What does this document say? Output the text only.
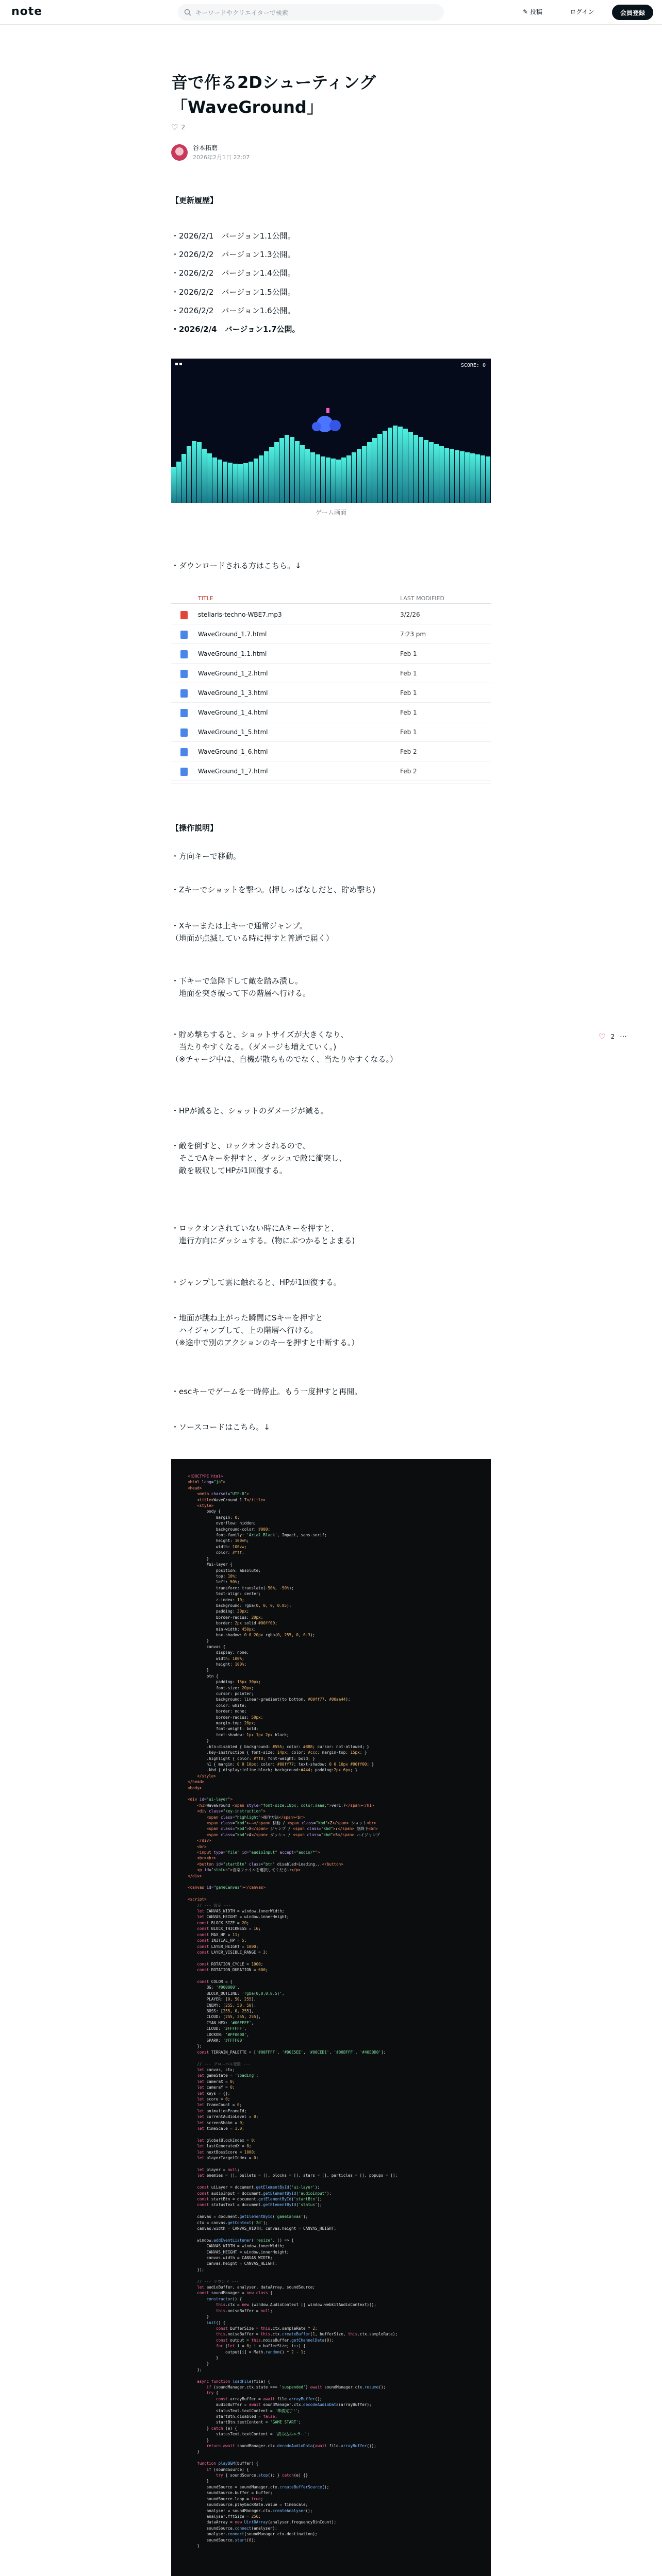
note	キーワードやクリエイターで検索	✎ 投稿	ログイン	会員登録
音で作る2Dシューティング
「WaveGround」
♡ 2
谷本拓磨
2026年2月1日 22:07
【更新履歴】
・2026/2/1　バージョン1.1公開。
・2026/2/2　バージョン1.3公開。
・2026/2/2　バージョン1.4公開。
・2026/2/2　バージョン1.5公開。
・2026/2/2　バージョン1.6公開。
・2026/2/4　バージョン1.7公開。
SCORE: 0
ゲーム画面
・ダウンロードされる方はこちら。↓
TITLE	LAST MODIFIED
stellaris-techno-WBE7.mp3	3/2/26
WaveGround_1.7.html	7:23 pm
WaveGround_1.1.html	Feb 1
WaveGround_1_2.html	Feb 1
WaveGround_1_3.html	Feb 1
WaveGround_1_4.html	Feb 1
WaveGround_1_5.html	Feb 1
WaveGround_1_6.html	Feb 2
WaveGround_1_7.html	Feb 2
【操作説明】
・方向キーで移動。
・Zキーでショットを撃つ。(押しっぱなしだと、貯め撃ち)
・Xキーまたは上キーで通常ジャンプ。
（地面が点滅している時に押すと普通で届く）
・下キーで急降下して敵を踏み潰し。
　地面を突き破って下の階層へ行ける。
・貯め撃ちすると、ショットサイズが大きくなり、
　当たりやすくなる。（ダメージも増えていく。)
（※チャージ中は、自機が散らものでなく、当たりやすくなる。）
・HPが減ると、ショットのダメージが減る。
・敵を倒すと、ロックオンされるので、
　そこでAキーを押すと、ダッシュで敵に衝突し、
　敵を吸収してHPが1回復する。
・ロックオンされていない時にAキーを押すと、
　進行方向にダッシュする。(物にぶつかるとよまる)
・ジャンプして雲に触れると、HPが1回復する。
・地面が跳ね上がった瞬間にSキーを押すと
　ハイジャンプして、上の階層へ行ける。
（※途中で別のアクションのキーを押すと中断する。）
・escキーでゲームを一時停止。もう一度押すと再開。
・ソースコードはこちら。↓
♡ 2 ⋯
<!DOCTYPE html>
<html lang="ja">
<head>
<meta charset="UTF-8">
<title>WaveGround 1.7</title>
<style>
body {
margin: 0;
overflow: hidden;
background-color: #000;
font-family: 'Arial Black', Impact, sans-serif;
height: 100vh;
width: 100vw;
color: #fff;
}
#ui-layer {
position: absolute;
top: 10%;
left: 50%;
transform: translate(-50%, -50%);
text-align: center;
z-index: 10;
background: rgba(0, 0, 0, 0.85);
padding: 30px;
border-radius: 20px;
border: 2px solid #00ff00;
min-width: 450px;
box-shadow: 0 0 20px rgba(0, 255, 0, 0.3);
}
canvas {
display: none;
width: 100%;
height: 100%;
}
btn {
padding: 15px 30px;
font-size: 20px;
cursor: pointer;
background: linear-gradient(to bottom, #00ff77, #00aa44);
color: white;
border: none;
border-radius: 50px;
margin-top: 20px;
font-weight: bold;
text-shadow: 1px 1px 2px black;
}
.btn:disabled { background: #555; color: #888; cursor: not-allowed; }
.key-instruction { font-size: 14px; color: #ccc; margin-top: 15px; }
.highlight { color: #ff0; font-weight: bold; }
h1 { margin: 0 0 10px; color: #00ff77; text-shadow: 0 0 10px #00ff00; }
.kbd { display:inline-block; background:#444; padding:2px 6px; }
</style>
</head>
<body>

<div id="ui-layer">
<h1>WaveGround <span style="font-size:18px; color:#aaa;">ver1.7</span></h1>
<div class="key-instruction">
<span class="highlight">操作方法</span><br>
<span class="kbd">←→</span> 移動 / <span class="kbd">Z</span> ショット<br>
<span class="kbd">X</span> ジャンプ / <span class="kbd">↓</span> 急降下<br>
<span class="kbd">A</span> ダッシュ / <span class="kbd">S</span> ハイジャンプ
</div>
<br>
<input type="file" id="audioInput" accept="audio/*">
<br><br>
<button id="startBtn" class="btn" disabled>Loading...</button>
<p id="status">音楽ファイルを選択してください</p>
</div>

<canvas id="gameCanvas"></canvas>

<script>
// --- 設定 ---
let CANVAS_WIDTH = window.innerWidth;
let CANVAS_HEIGHT = window.innerHeight;
const BLOCK_SIZE = 20;
const BLOCK_THICKNESS = 16;
const MAX_HP = 11;
const INITIAL_HP = 5;
const LAYER_HEIGHT = 1000;
const LAYER_VISIBLE_RANGE = 3;

const ROTATION_CYCLE = 1000;
const ROTATION_DURATION = 600;

const COLOR = {
BG: '#000000',
BLOCK_OUTLINE: 'rgba(0,0,0,0.5)',
PLAYER: [0, 50, 255],
ENEMY: [255, 50, 50],
BOSS: [255, 0, 255],
CLOUD: [255, 255, 255],
CYAN_HEX: '#00FFFF',
CLOUD: '#FFFFFF',
LOCKON: '#FF0000',
SPARK: '#FFFF00'
};
const TERRAIN_PALETTE = ['#00FFFF', '#00E5EE', '#00CED1', '#00BFFF', '#40E0D0'];

// --- グローバル変数 ---
let canvas, ctx;
let gameState = 'loading';
let cameraX = 0;
let cameraY = 0;
let keys = {};
let score = 0;
let frameCount = 0;
let animationFrameId;
let currentAudioLevel = 0;
let screenShake = 0;
let timeScale = 1.0;

let globalBlockIndex = 0;
let lastGeneratedX = 0;
let nextBossScore = 1000;
let playerTargetIndex = 0;

let player = null;
let enemies = [], bullets = [], blocks = [], stars = [], particles = [], popups = [];

const uiLayer = document.getElementById('ui-layer');
const audioInput = document.getElementById('audioInput');
const startBtn = document.getElementById('startBtn');
const statusText = document.getElementById('status');

canvas = document.getElementById('gameCanvas');
ctx = canvas.getContext('2d');
canvas.width = CANVAS_WIDTH; canvas.height = CANVAS_HEIGHT;

window.addEventListener('resize', () => {
CANVAS_WIDTH = window.innerWidth;
CANVAS_HEIGHT = window.innerHeight;
canvas.width = CANVAS_WIDTH;
canvas.height = CANVAS_HEIGHT;
});

// --- サウンド ---
let audioBuffer, analyser, dataArray, soundSource;
const soundManager = new class {
constructor() {
this.ctx = new (window.AudioContext || window.webkitAudioContext)();
this.noiseBuffer = null;
}
init() {
const bufferSize = this.ctx.sampleRate * 2;
this.noiseBuffer = this.ctx.createBuffer(1, bufferSize, this.ctx.sampleRate);
const output = this.noiseBuffer.getChannelData(0);
for (let i = 0; i < bufferSize; i++) {
output[i] = Math.random() * 2 - 1;
}
}
};

async function loadFile(file) {
if (soundManager.ctx.state === 'suspended') await soundManager.ctx.resume();
try {
const arrayBuffer = await file.arrayBuffer();
audioBuffer = await soundManager.ctx.decodeAudioData(arrayBuffer);
statusText.textContent = '準備完了!';
startBtn.disabled = false;
startBtn.textContent = 'GAME START';
} catch (e) {
statusText.textContent = '読み込みエラー';
}
return await soundManager.ctx.decodeAudioData(await file.arrayBuffer());
}

function playBGM(buffer) {
if (soundSource) {
try { soundSource.stop(); } catch(e) {}
}
soundSource = soundManager.ctx.createBufferSource();
soundSource.buffer = buffer;
soundSource.loop = true;
soundSource.playbackRate.value = timeScale;
analyser = soundManager.ctx.createAnalyser();
analyser.fftSize = 256;
dataArray = new Uint8Array(analyser.frequencyBinCount);
soundSource.connect(analyser);
analyser.connect(soundManager.ctx.destination);
soundSource.start(0);
}
